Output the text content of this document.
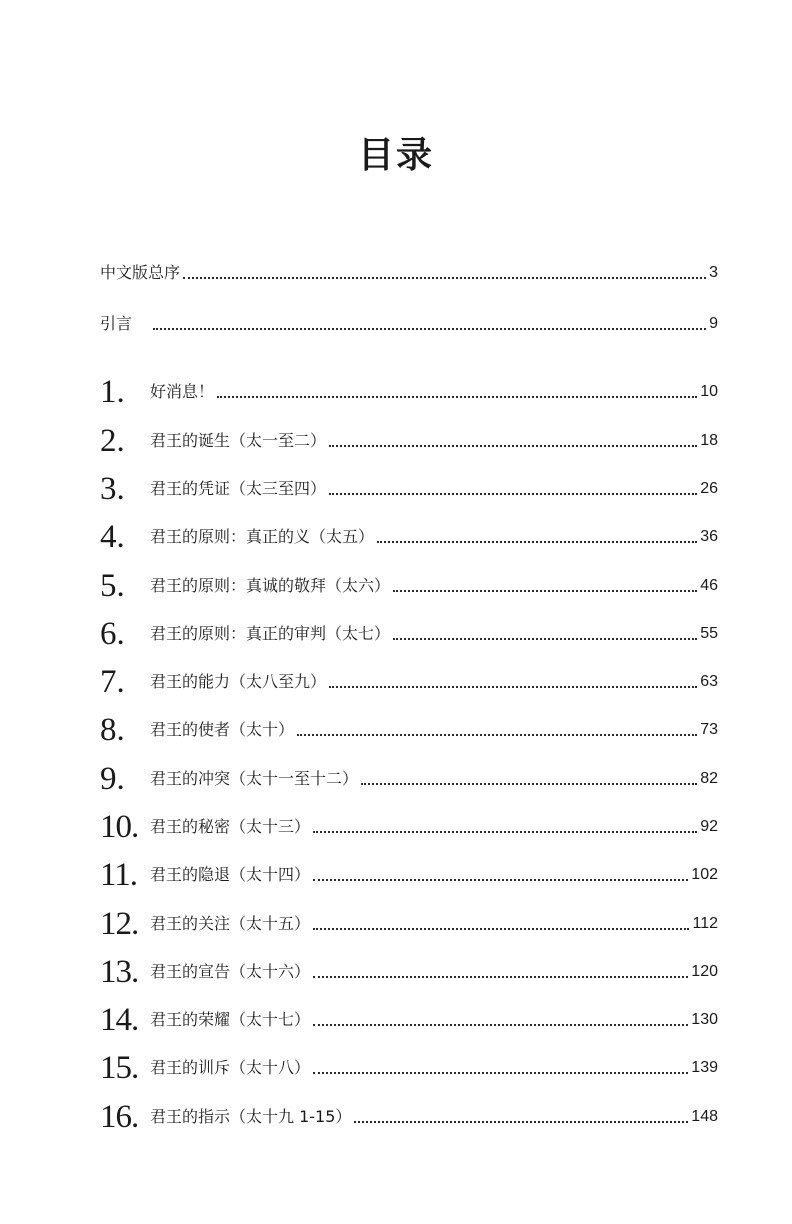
目录
中文版总序	3
引言	9
1.	好消息！	10
2.	君王的诞生（太一至二）	18
3.	君王的凭证（太三至四）	26
4.	君王的原则：真正的义（太五）	36
5.	君王的原则：真诚的敬拜（太六）	46
6.	君王的原则：真正的审判（太七）	55
7.	君王的能力（太八至九）	63
8.	君王的使者（太十）	73
9.	君王的冲突（太十一至十二）	82
10. 君王的秘密（太十三）	92
11. 君王的隐退（太十四）	102
12. 君王的关注（太十五）	112
13. 君王的宣告（太十六）	120
14. 君王的荣耀（太十七）	130
15. 君王的训斥（太十八）	139
16. 君王的指示（太十九 1-15）	148
